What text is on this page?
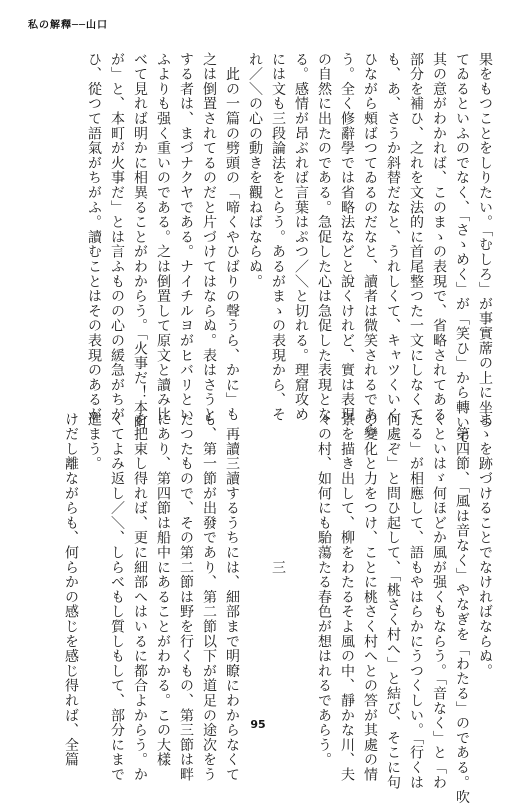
私の解釋──山口
果をもつことをしりたい。「むしろ」が事實蓆の上に坐つ
てゐるといふのでなく、「さゝめく」が「笑ひ」から轉いて
其の意がわかれば、このまゝの表現で、省略されてある
部分を補ひ、之れを文法的に首尾整つた一文にしなくて
も、あ、さうか斜替だなと、うれしくて、キャツくいく
ひながら頰ばつてゐるのだなと、讀者は微笑されるであら
う。全く修辭學では省略法などと說くけれど、實は表現
の自然に出たのである。急促した心は急促した表現とな
る。感情が昂ぶれば言葉はぷつ／＼と切れる。理窟攻め
には文も三段論法をとらう。あるがまゝの表現から、そ
れ／＼の心の動きを觀ねばならぬ。
　此の一篇の劈頭の「啼くやひばりの聲うら、かに」も
之は倒置されてるのだと片づけてはならぬ。表はさうと
する者は、まづナクヤである。ナイチルヨがヒバリとい
ふよりも强く重いのである。之は倒置して原文と讀み比
べて見れば明かに相異ることがわからう。「火事だ！本町
が」と、本町が火事だ」とは言ふものの心の緩急がちが
ひ、從つて語氣がちがふ。讀むことはその表現のあるが
まゝを跡づけることでなければならぬ。
　第四節、「風は音なく」やなぎを「わたる」のである。吹
くといはゞ何ほどか風が强くもならう。「音なく」と「わ
たる」が相應して、語もやはらかにうつくしい。「行くは
何處ぞ」と問ひ起して、「桃さく村へ」と結び、そこに句
の變化と力をつけ、ことに桃さく村へとの答が其處の情
景を描き出して、柳をわたるそよ風の中、靜かな川、夫
々の村、如何にも駘蕩たる春色が想はれるであらう。

　　　　　　　　　　三

　再讀三讀するうちには、細部まで明瞭にわからなくて
も、第一節が出發であり、第二節以下が道足の途次をう
たつたもので、その第二節は野を行くもの、第三節は畔
にあり、第四節は船中にあることがわかる。この大樣
を把束し得れば、更に細部へはいるに都合よからう。か
くてよみ返し／＼、しらべもし質しもして、部分にまで
進まう。
けだし離ながらも、何らかの感じを感じ得れば、全篇	95
